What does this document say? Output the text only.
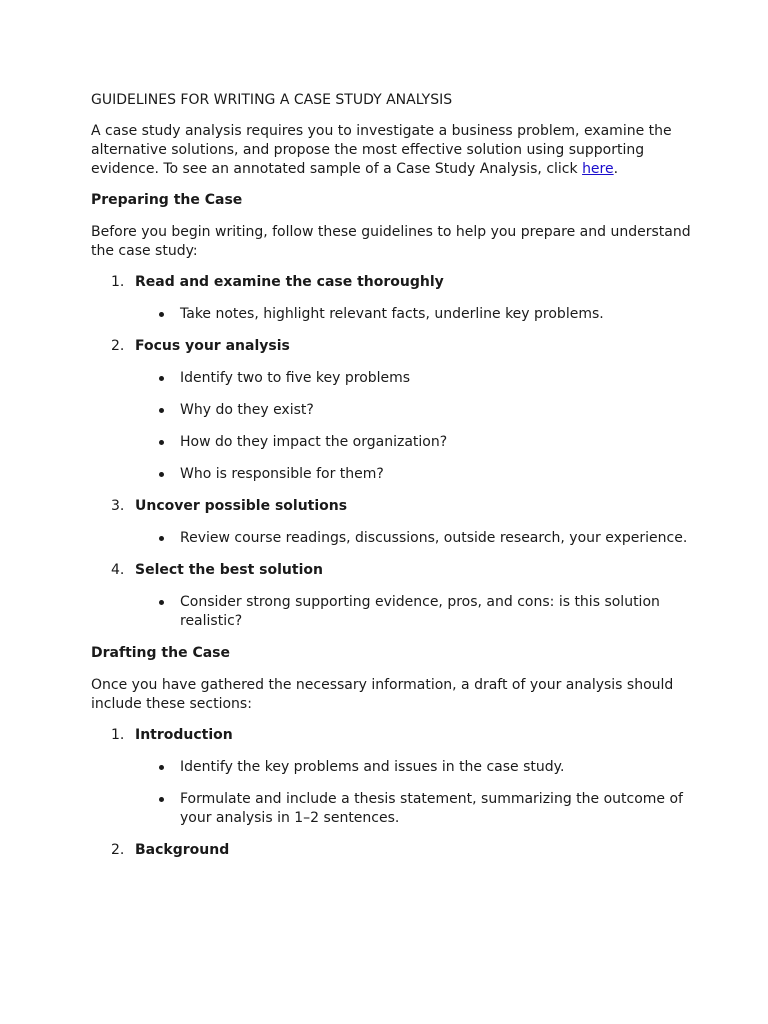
GUIDELINES FOR WRITING A CASE STUDY ANALYSIS

A case study analysis requires you to investigate a business problem, examine the alternative solutions, and propose the most effective solution using supporting evidence. To see an annotated sample of a Case Study Analysis, click here.

Preparing the Case

Before you begin writing, follow these guidelines to help you prepare and understand the case study:

1. Read and examine the case thoroughly
Take notes, highlight relevant facts, underline key problems.
2. Focus your analysis
Identify two to five key problems
Why do they exist?
How do they impact the organization?
Who is responsible for them?
3. Uncover possible solutions
Review course readings, discussions, outside research, your experience.
4. Select the best solution
Consider strong supporting evidence, pros, and cons: is this solution realistic?

Drafting the Case

Once you have gathered the necessary information, a draft of your analysis should include these sections:

1. Introduction
Identify the key problems and issues in the case study.
Formulate and include a thesis statement, summarizing the outcome of your analysis in 1–2 sentences.
2. Background
